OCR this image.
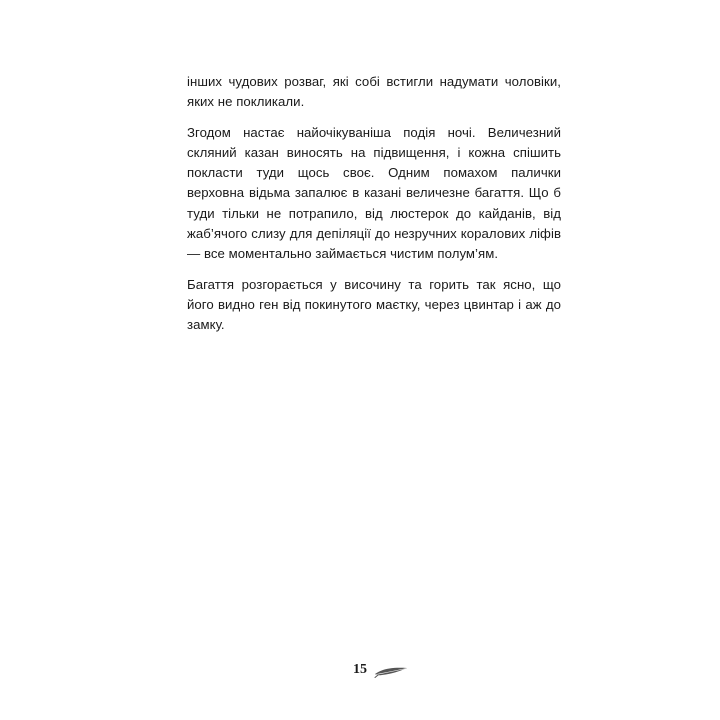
інших чудових розваг, які собі встигли надумати чоловіки, яких не покликали.

Згодом настає найочікуваніша подія ночі. Величезний скляний казан виносять на підвищення, і кожна спішить покласти туди щось своє. Одним помахом палички верховна відьма запалює в казані величезне багаття. Що б туди тільки не потрапило, від люстерок до кайданів, від жаб’ячого слизу для депіляції до незручних коралових ліфів — все моментально займається чистим полум’ям.

Багаття розгорається у височину та горить так ясно, що його видно ген від покинутого маєтку, через цвинтар і аж до замку.

15
